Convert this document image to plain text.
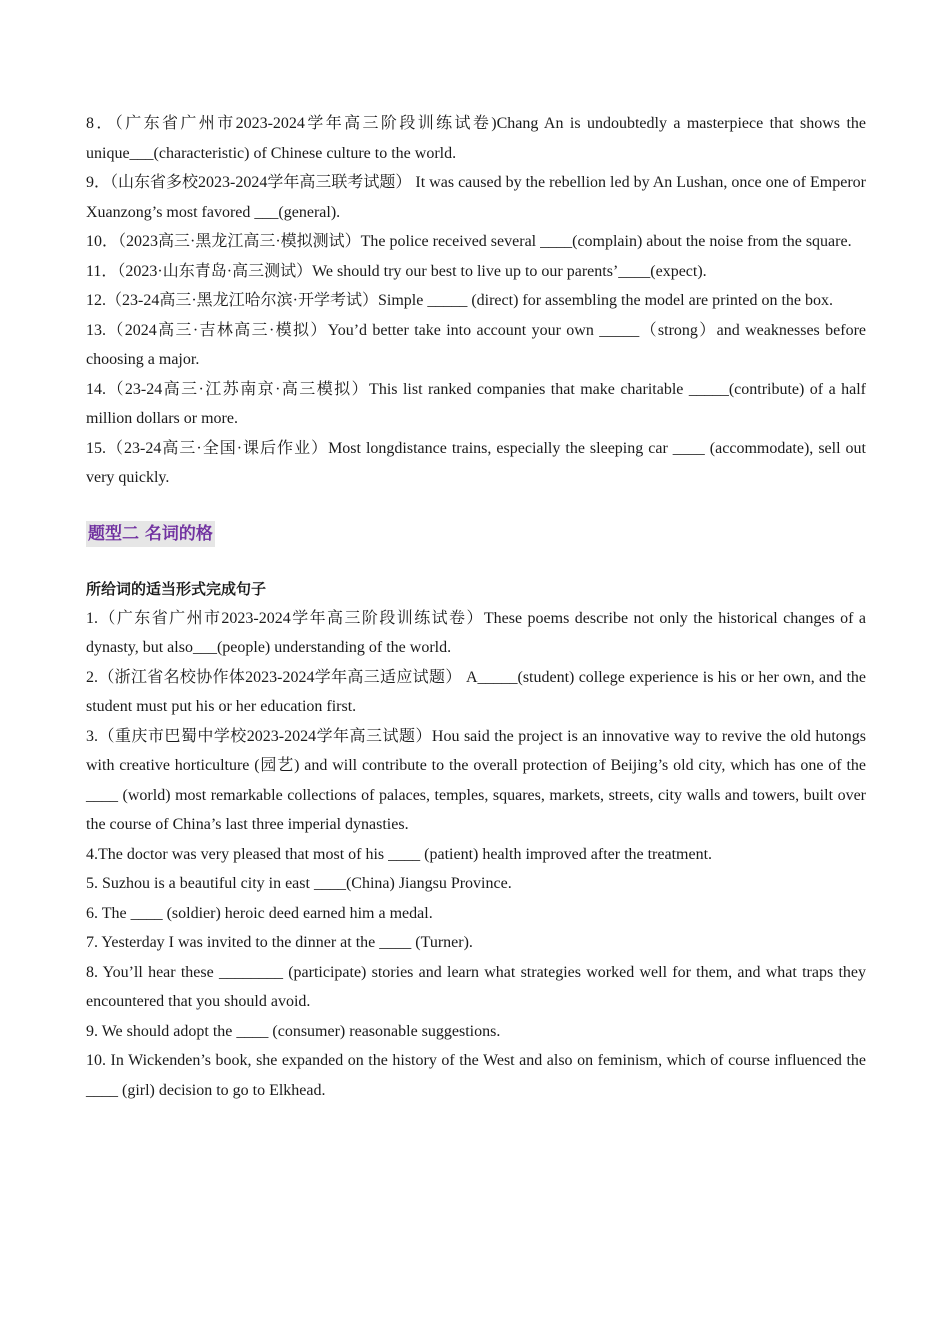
8．（广东省广州市2023-2024学年高三阶段训练试卷)Chang An is undoubtedly a masterpiece that shows the unique___(characteristic) of Chinese culture to the world.

9．（山东省多校2023-2024学年高三联考试题） It was caused by the rebellion led by An Lushan, once one of Emperor Xuanzong’s most favored ___(general).

10．（2023高三·黑龙江高三·模拟测试）The police received several ____(complain) about the noise from the square.

11．（2023·山东青岛·高三测试）We should try our best to live up to our parents’____(expect).

12.（23-24高三·黑龙江哈尔滨·开学考试）Simple _____ (direct) for assembling the model are printed on the box.

13.（2024高三·吉林高三·模拟）You’d better take into account your own _____（strong）and weaknesses before choosing a major.

14.（23-24高三·江苏南京·高三模拟）This list ranked companies that make charitable _____(contribute) of a half million dollars or more.

15.（23-24高三·全国·课后作业）Most longdistance trains, especially the sleeping car ____ (accommodate), sell out very quickly.

题型二 名词的格

所给词的适当形式完成句子

1.（广东省广州市2023-2024学年高三阶段训练试卷）These poems describe not only the historical changes of a dynasty, but also___(people) understanding of the world.

2.（浙江省名校协作体2023-2024学年高三适应试题） A_____(student) college experience is his or her own, and the student must put his or her education first.

3.（重庆市巴蜀中学校2023-2024学年高三试题）Hou said the project is an innovative way to revive the old hutongs with creative horticulture (园艺) and will contribute to the overall protection of Beijing’s old city, which has one of the ____ (world) most remarkable collections of palaces, temples, squares, markets, streets, city walls and towers, built over the course of China’s last three imperial dynasties.

4.The doctor was very pleased that most of his ____ (patient) health improved after the treatment.

5. Suzhou is a beautiful city in east ____(China) Jiangsu Province.

6. The ____ (soldier) heroic deed earned him a medal.

7. Yesterday I was invited to the dinner at the ____ (Turner).

8. You’ll hear these ________ (participate) stories and learn what strategies worked well for them, and what traps they encountered that you should avoid.

9. We should adopt the ____ (consumer) reasonable suggestions.

10. In Wickenden’s book, she expanded on the history of the West and also on feminism, which of course influenced the ____ (girl) decision to go to Elkhead.
